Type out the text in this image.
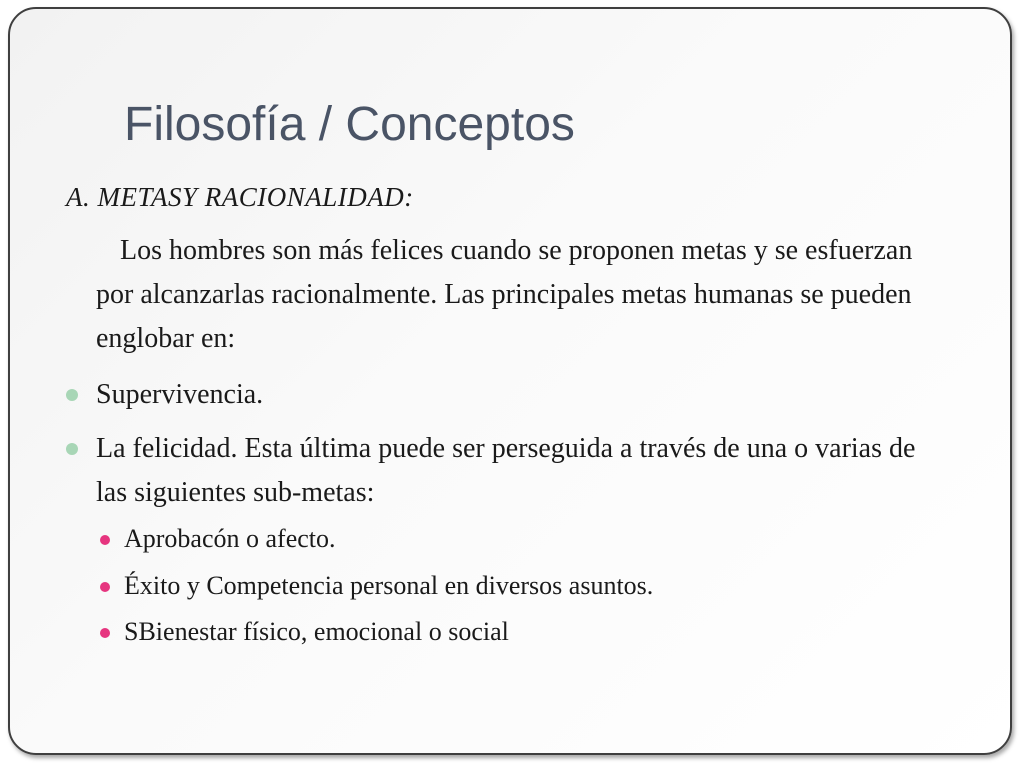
Filosofía / Conceptos
A. METASY RACIONALIDAD:
Los hombres son más felices cuando se proponen metas y se esfuerzan por alcanzarlas racionalmente. Las principales metas humanas se pueden englobar en:
Supervivencia.
La felicidad. Esta última puede ser perseguida a través de una o varias de las siguientes sub-metas:
Aprobacón o afecto.
Éxito y Competencia personal en diversos asuntos.
SBienestar físico, emocional o social
